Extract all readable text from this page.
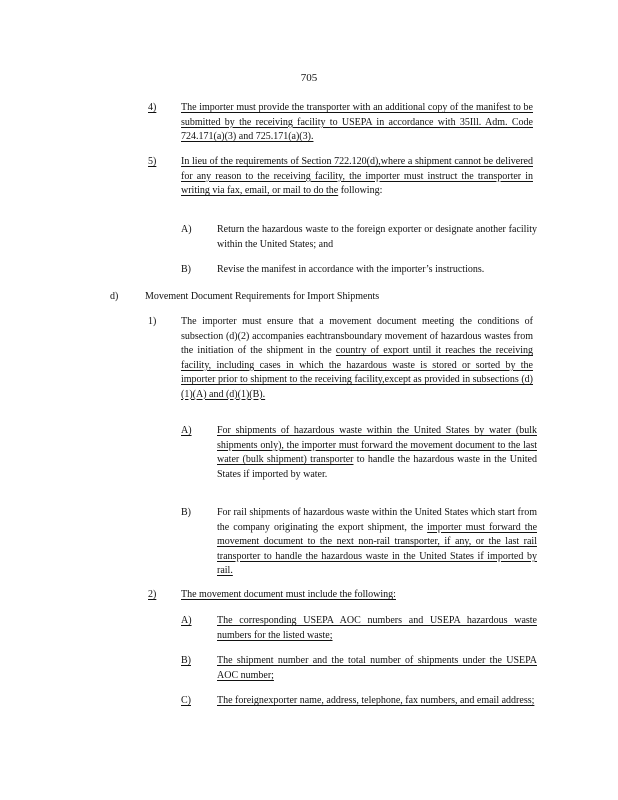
705
4)	The importer must provide the transporter with an additional copy of the manifest to be submitted by the receiving facility to USEPA in accordance with 35Ill. Adm. Code 724.171(a)(3) and 725.171(a)(3).
5)	In lieu of the requirements of Section 722.120(d),where a shipment cannot be delivered for any reason to the receiving facility, the importer must instruct the transporter in writing via fax, email, or mail to do the following:
A)	Return the hazardous waste to the foreign exporter or designate another facility within the United States; and
B)	Revise the manifest in accordance with the importer’s instructions.
d)	Movement Document Requirements for Import Shipments
1)	The importer must ensure that a movement document meeting the conditions of subsection (d)(2) accompanies eachtransboundary movement of hazardous wastes from the initiation of the shipment in the country of export until it reaches the receiving facility, including cases in which the hazardous waste is stored or sorted by the importer prior to shipment to the receiving facility,except as provided in subsections (d)(1)(A) and (d)(1)(B).
A)	For shipments of hazardous waste within the United States by water (bulk shipments only), the importer must forward the movement document to the last water (bulk shipment) transporter to handle the hazardous waste in the United States if imported by water.
B)	For rail shipments of hazardous waste within the United States which start from the company originating the export shipment, the importer must forward the movement document to the next non-rail transporter, if any, or the last rail transporter to handle the hazardous waste in the United States if imported by rail.
2)	The movement document must include the following:
A)	The corresponding USEPA AOC numbers and USEPA hazardous waste numbers for the listed waste;
B)	The shipment number and the total number of shipments under the USEPA AOC number;
C)	The foreignexporter name, address, telephone, fax numbers, and email address;
